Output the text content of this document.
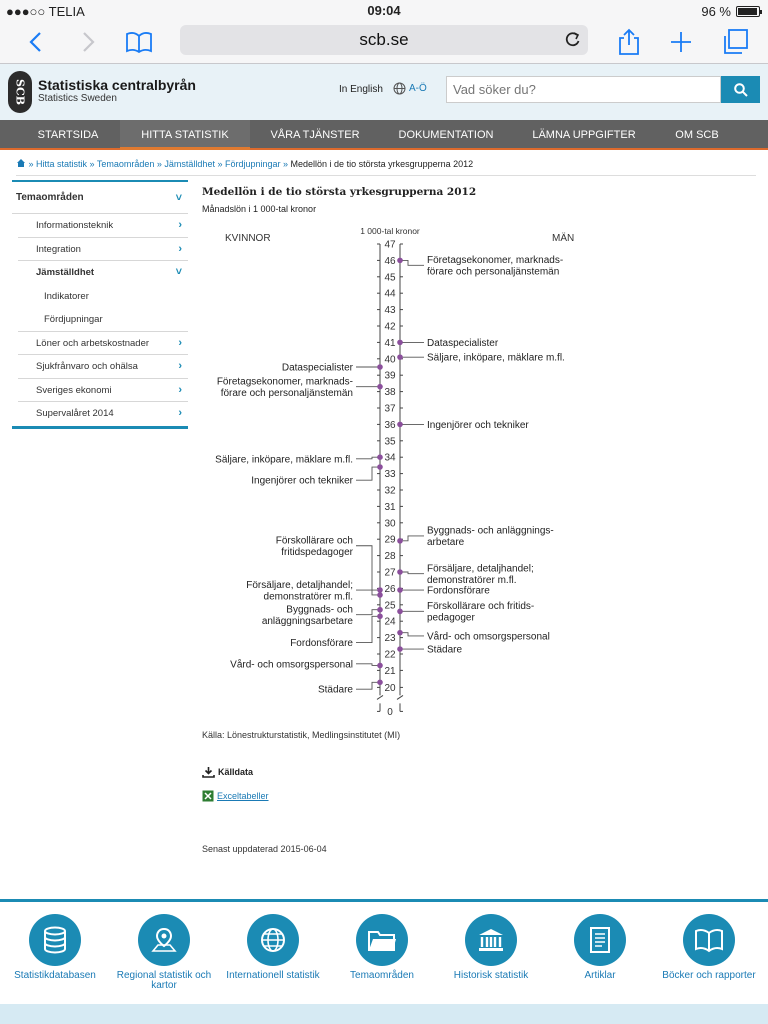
●●●○○ TELIA	09:04	96 %
scb.se
SCB Statistiska centralbyrån
Statistics Sweden
In English	A-Ö
Vad söker du?
STARTSIDA	HITTA STATISTIK	VÅRA TJÄNSTER	DOKUMENTATION	LÄMNA UPPGIFTER	OM SCB
» Hitta statistik » Temaområden » Jämställdhet » Fördjupningar » Medellön i de tio största yrkesgrupperna 2012
Temaområden	˅
Informationsteknik	›
Integration	›
Jämställdhet	˅
Indikatorer
Fördjupningar
Löner och arbetskostnader	›
Sjukfrånvaro och ohälsa	›
Sveriges ekonomi	›
Supervalåret 2014	›
Medellön i de tio största yrkesgrupperna 2012
Månadslön i 1 000-tal kronor
KVINNOR	MÄN
1 000-tal kronor
0
20
21
22
23
24
25
26
27
28
29
30
31
32
33
34
35
36
37
38
39
40
41
42
43
44
45
46
47
Dataspecialister
Företagsekonomer, marknads-
förare och personaljänstemän
Säljare, inköpare, mäklare m.fl.
Ingenjörer och tekniker
Förskollärare och
fritidspedagoger
Försäljare, detaljhandel;
demonstratörer m.fl.
Byggnads- och
anläggningsarbetare
Fordonsförare
Vård- och omsorgspersonal
Städare
Företagsekonomer, marknads-
förare och personaljänstemän
Dataspecialister
Säljare, inköpare, mäklare m.fl.
Ingenjörer och tekniker
Byggnads- och anläggnings-
arbetare
Försäljare, detaljhandel;
demonstratörer m.fl.
Fordonsförare
Förskollärare och fritids-
pedagoger
Vård- och omsorgspersonal
Städare
Källa: Lönestrukturstatistik, Medlingsinstitutet (MI)
Källdata
Exceltabeller
Senast uppdaterad 2015-06-04
Statistikdatabasen	Regional statistik och kartor
Internationell statistik	Temaområden	Historisk statistik	Artiklar	Böcker och rapporter
